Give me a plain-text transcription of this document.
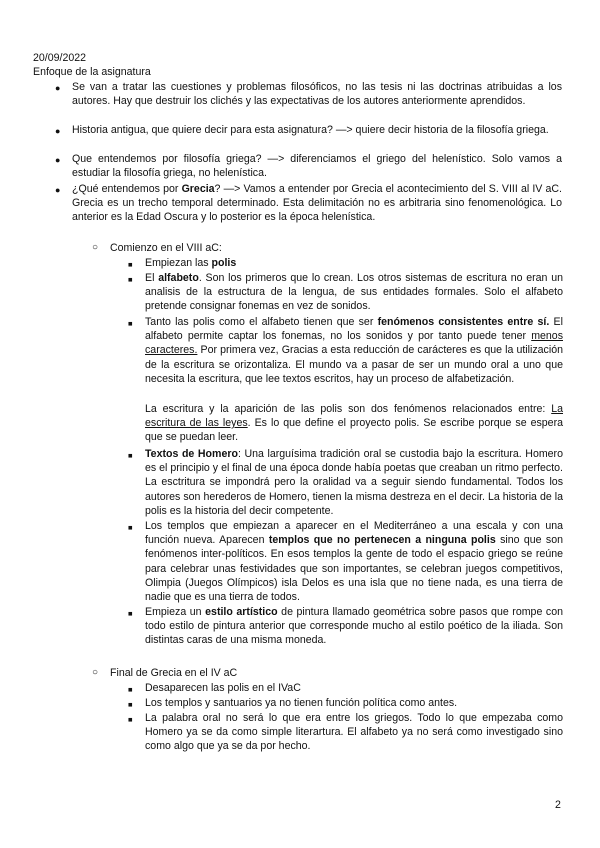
20/09/2022
Enfoque de la asignatura
● Se van a tratar las cuestiones y problemas filosóficos, no las tesis ni las doctrinas atribuidas a los autores. Hay que destruir los clichés y las expectativas de los autores anteriormente aprendidos.

● Historia antigua, que quiere decir para esta asignatura? —> quiere decir historia de la filosofía griega.

● Que entendemos por filosofía griega? —> diferenciamos el griego del helenístico. Solo vamos a estudiar la filosofía griega, no helenística.

● ¿Qué entendemos por Grecia? —> Vamos a entender por Grecia el acontecimiento del S. VIII al IV aC. Grecia es un trecho temporal determinado. Esta delimitación no es arbitraria sino fenomenológica. Lo anterior es la Edad Oscura y lo posterior es la época helenística.

○ Comienzo en el VIII aC:

■ Empiezan las polis

■ El alfabeto. Son los primeros que lo crean. Los otros sistemas de escritura no eran un analisis de la estructura de la lengua, de sus entidades formales. Solo el alfabeto pretende consignar fonemas en vez de sonidos.

■ Tanto las polis como el alfabeto tienen que ser fenómenos consistentes entre sí. El alfabeto permite captar los fonemas, no los sonidos y por tanto puede tener menos caracteres. Por primera vez, Gracias a esta reducción de carácteres es que la utilización de la escritura se orizontaliza. El mundo va a pasar de ser un mundo oral a uno que necesita la escritura, que lee textos escritos, hay un proceso de alfabetización.

La escritura y la aparición de las polis son dos fenómenos relacionados entre: La escritura de las leyes. Es lo que define el proyecto polis. Se escribe porque se espera que se puedan leer.

■ Textos de Homero: Una larguísima tradición oral se custodia bajo la escritura. Homero es el principio y el final de una época donde había poetas que creaban un ritmo perfecto. La esctritura se impondrá pero la oralidad va a seguir siendo fundamental. Todos los autores son herederos de Homero, tienen la misma destreza en el decir. La historia de la polis es la historia del decir competente.

■ Los templos que empiezan a aparecer en el Mediterráneo a una escala y con una función nueva. Aparecen templos que no pertenecen a ninguna polis sino que son fenómenos inter-políticos. En esos templos la gente de todo el espacio griego se reúne para celebrar unas festividades que son importantes, se celebran juegos competitivos, Olimpia (Juegos Olímpicos) isla Delos es una isla que no tiene nada, es una tierra de nadie que es una tierra de todos.

■ Empieza un estilo artístico de pintura llamado geométrica sobre pasos que rompe con todo estilo de pintura anterior que corresponde mucho al estilo poético de la iliada. Son distintas caras de una misma moneda.

○ Final de Grecia en el IV aC

■ Desaparecen las polis en el IVaC

■ Los templos y santuarios ya no tienen función política como antes.

■ La palabra oral no será lo que era entre los griegos. Todo lo que empezaba como Homero ya se da como simple literartura. El alfabeto ya no será como investigado sino como algo que ya se da por hecho.

2
